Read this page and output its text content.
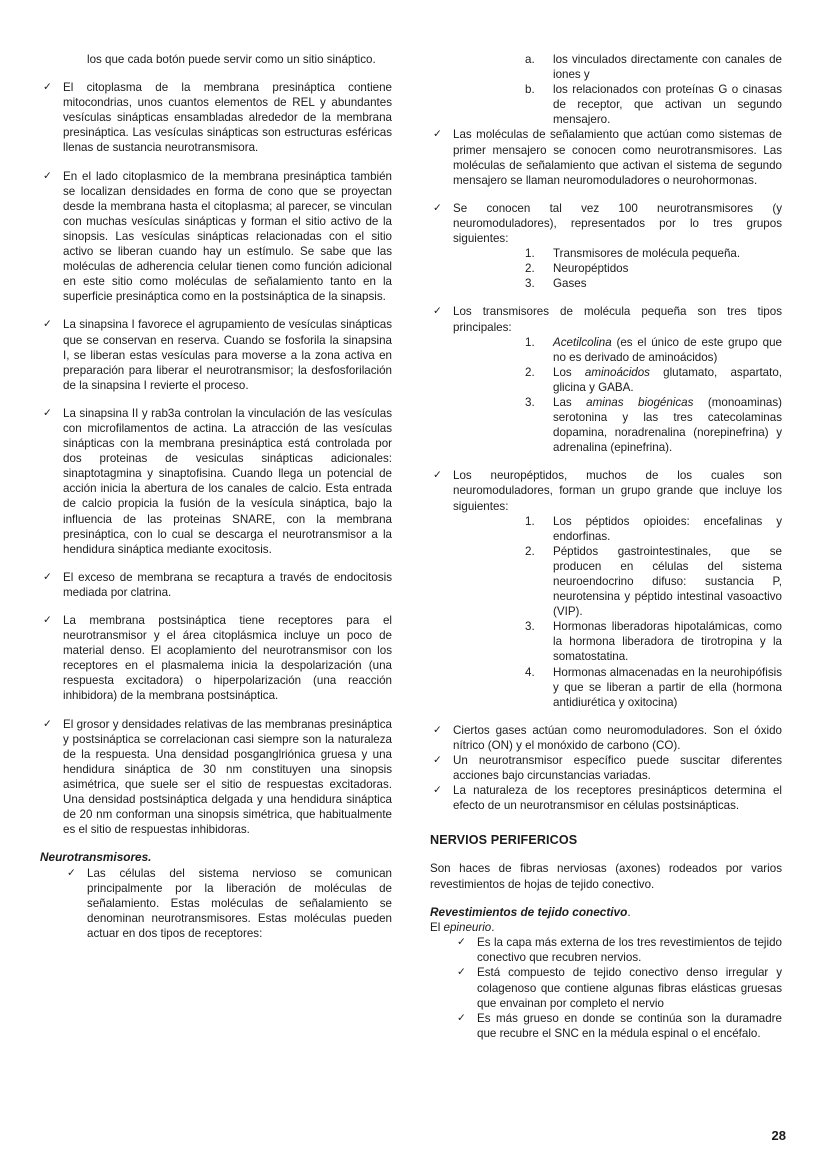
los que cada botón puede servir como un sitio sináptico.

✓ El citoplasma de la membrana presináptica contiene mitocondrias, unos cuantos elementos de REL y abundantes vesículas sinápticas ensambladas alrededor de la membrana presináptica. Las vesículas sinápticas son estructuras esféricas llenas de sustancia neurotransmisora.
✓ En el lado citoplasmico de la membrana presináptica también se localizan densidades en forma de cono que se proyectan desde la membrana hasta el citoplasma; al parecer, se vinculan con muchas vesículas sinápticas y forman el sitio activo de la sinopsis. Las vesículas sinápticas relacionadas con el sitio activo se liberan cuando hay un estímulo. Se sabe que las moléculas de adherencia celular tienen como función adicional en este sitio como moléculas de señalamiento tanto en la superficie presináptica como en la postsináptica de la sinapsis.
✓ La sinapsina I favorece el agrupamiento de vesículas sinápticas que se conservan en reserva. Cuando se fosforila la sinapsina I, se liberan estas vesículas para moverse a la zona activa en preparación para liberar el neurotransmisor; la desfosforilación de la sinapsina I revierte el proceso.
✓ La sinapsina II y rab3a controlan la vinculación de las vesículas con microfilamentos de actina. La atracción de las vesículas sinápticas con la membrana presináptica está controlada por dos proteinas de vesiculas sinápticas adicionales: sinaptotagmina y sinaptofisina. Cuando llega un potencial de acción inicia la abertura de los canales de calcio. Esta entrada de calcio propicia la fusión de la vesícula sináptica, bajo la influencia de las proteinas SNARE, con la membrana presináptica, con lo cual se descarga el neurotransmisor a la hendidura sináptica mediante exocitosis.
✓ El exceso de membrana se recaptura a través de endocitosis mediada por clatrina.
✓ La membrana postsináptica tiene receptores para el neurotransmisor y el área citoplásmica incluye un poco de material denso. El acoplamiento del neurotransmisor con los receptores en el plasmalema inicia la despolarización (una respuesta excitadora) o hiperpolarización (una reacción inhibidora) de la membrana postsináptica.
✓ El grosor y densidades relativas de las membranas presináptica y postsináptica se correlacionan casi siempre son la naturaleza de la respuesta. Una densidad posganglriónica gruesa y una hendidura sináptica de 30 nm constituyen una sinopsis asimétrica, que suele ser el sitio de respuestas excitadoras. Una densidad postsináptica delgada y una hendidura sináptica de 20 nm conforman una sinopsis simétrica, que habitualmente es el sitio de respuestas inhibidoras.

Neurotransmisores.

✓ Las células del sistema nervioso se comunican principalmente por la liberación de moléculas de señalamiento. Estas moléculas de señalamiento se denominan neurotransmisores. Estas moléculas pueden actuar en dos tipos de receptores:
a.	los vinculados directamente con canales de iones y
b.	los relacionados con proteínas G o cinasas de receptor, que activan un segundo mensajero.
✓ Las moléculas de señalamiento que actúan como sistemas de primer mensajero se conocen como neurotransmisores. Las moléculas de señalamiento que activan el sistema de segundo mensajero se llaman neuromoduladores o neurohormonas.
✓ Se conocen tal vez 100 neurotransmisores (y neuromoduladores), representados por lo tres grupos siguientes:
1.	Transmisores de molécula pequeña.
2.	Neuropéptidos
3.	Gases
✓ Los transmisores de molécula pequeña son tres tipos principales:
1.	Acetilcolina (es el único de este grupo que no es derivado de aminoácidos)
2.	Los aminoácidos glutamato, aspartato, glicina y GABA.
3.	Las aminas biogénicas (monoaminas) serotonina y las tres catecolaminas dopamina, noradrenalina (norepinefrina) y adrenalina (epinefrina).
✓ Los neuropéptidos, muchos de los cuales son neuromoduladores, forman un grupo grande que incluye los siguientes:
1.	Los péptidos opioides: encefalinas y endorfinas.
2.	Péptidos gastrointestinales, que se producen en células del sistema neuroendocrino difuso: sustancia P, neurotensina y péptido intestinal vasoactivo (VIP).
3.	Hormonas liberadoras hipotalámicas, como la hormona liberadora de tirotropina y la somatostatina.
4.	Hormonas almacenadas en la neurohipófisis y que se liberan a partir de ella (hormona antidiurética y oxitocina)
✓ Ciertos gases actúan como neuromoduladores. Son el óxido nítrico (ON) y el monóxido de carbono (CO).
✓ Un neurotransmisor específico puede suscitar diferentes acciones bajo circunstancias variadas.
✓ La naturaleza de los receptores presinápticos determina el efecto de un neurotransmisor en células postsinápticas.

NERVIOS PERIFERICOS

Son haces de fibras nerviosas (axones) rodeados por varios revestimientos de hojas de tejido conectivo.

Revestimientos de tejido conectivo.

El epineurio.

✓ Es la capa más externa de los tres revestimientos de tejido conectivo que recubren nervios.
✓ Está compuesto de tejido conectivo denso irregular y colagenoso que contiene algunas fibras elásticas gruesas que envainan por completo el nervio
✓ Es más grueso en donde se continúa son la duramadre que recubre el SNC en la médula espinal o el encéfalo.
28
